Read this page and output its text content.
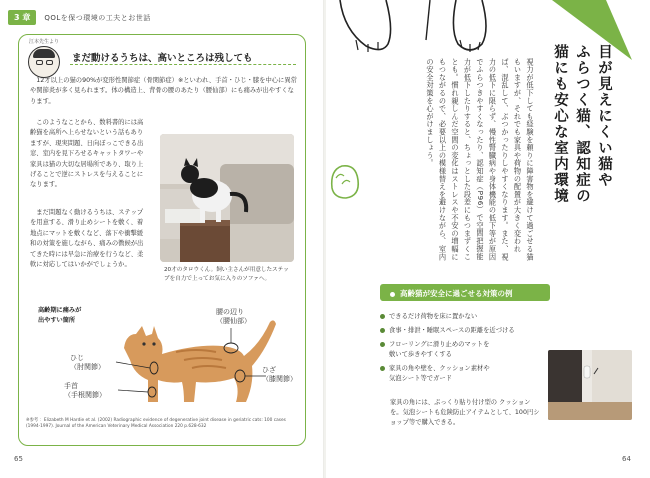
3 章	QOLを保つ環境の工夫とお世話
江本先生より
まだ動けるうちは、高いところは残しても

12才以上の猫の90%が変形性関節症（骨関節症）※といわれ、手首・ひじ・膝を中心に異常や関節炎が多く見られます。体の構造上、背骨の腰のあたり（腰仙部）にも痛みが出やすくなります。

このようなことから、数料書的には高齢猫を高所へ上らせないという話もありますが、現実問題、日向ぼっこできる出窓、室内を見下ろせるキャットタワーや家具は猫の大切な居場所であり、取り上げることで逆にストレスを与えることになります。

まだ問題なく動けるうちは、ステップを用意する、滑り止めシートを敷く、着地点にマットを敷くなど、落下や衝撃緩和の対策を施しながら、痛みの徴候が出てきた時には早急に治療を行うなど、柔軟に対応してはいかがでしょうか。

20才のタロウくん。飼い主さんが用意したステップを自力で上ってお気に入りのソファへ。
高齢期に痛みが
出やすい箇所
腰の辺り
（腰仙部）
ひじ
（肘関節）
手首
（手根関節）
ひざ
（膝関節）
※参考 ：Elizabeth M Hardie et al. (2002) Radiographic evidence of degenerative joint disease in geriatric cats: 100 cases (1994-1997). Journal of the American Veterinary Medical Association 220 p.628-632
65
目が見えにくい猫や
ふらつく猫、認知症の
猫にも安心な室内環境
視力が低下しても経験を頼りに障害物を避けて過ごせる猫もいますが、それでも家具や荷物の配置が大きく変われば、混乱して、ぶつかったりしやすくなります。また、視力の低下に限らず、慢性腎臓病や身体機能の低下等が原因でふらつきやすくなったり、認知症（P96）で空間把握能力が低下したりすると、ちょっとした段差にもつまずくことも。慣れ親しんだ空間の変化はストレスや不安の増幅にもつながるので、必要以上の模様替えを避けながら、室内の安全対策を心がけましょう。
高齢猫が安全に過ごせる対策の例
できるだけ荷物を床に置かない
食事・排泄・睡眠スペースの距離を近づける
フローリングに滑り止めのマットを
敷いて歩きやすくする
家具の角や壁を、クッション素材や
気泡シート等でガード
家具の角には、ぷっくり貼り付け型の クッションを。気泡シートも危険防止アイテムとして、100円ショップ等で購入できる。
64
